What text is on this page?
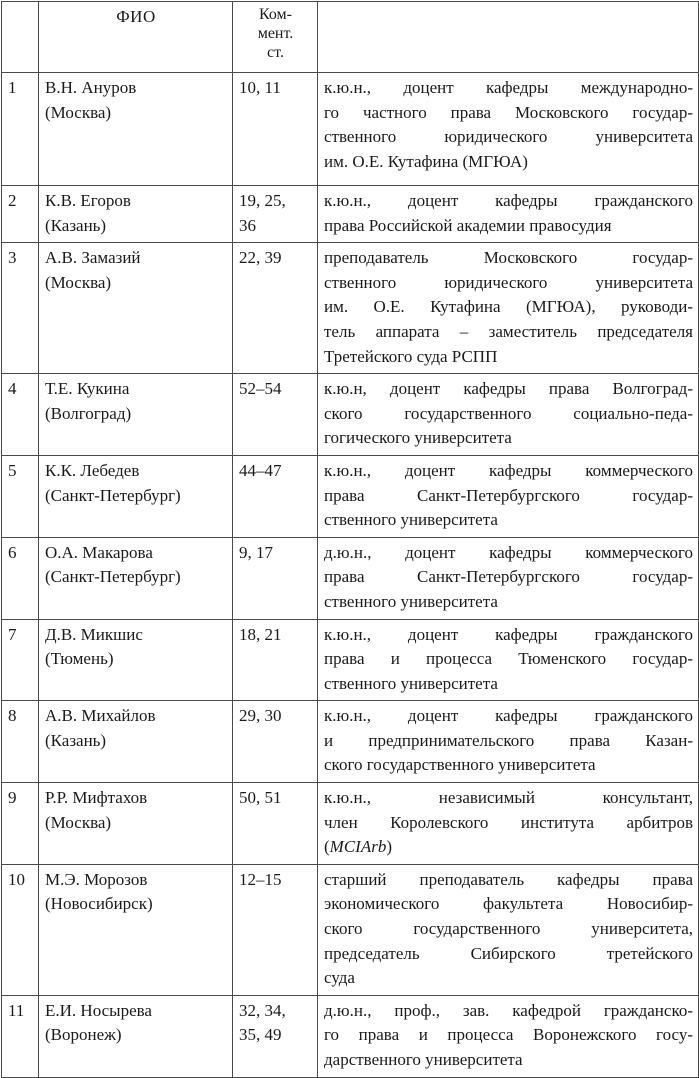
	ФИО	Ком-
мент.
ст.	

1	В.Н. Ануров
(Москва)	10, 11	к.ю.н., доцент кафедры международно-
го частного права Московского государ-
ственного юридического университета
им. О.Е. Кутафина (МГЮА)

2	К.В. Егоров
(Казань)	19, 25,
36	к.ю.н., доцент кафедры гражданского
права Российской академии правосудия

3	А.В. Замазий
(Москва)	22, 39	преподаватель Московского государ-
ственного юридического университета
им. О.Е. Кутафина (МГЮА), руководи-
тель аппарата – заместитель председателя
Третейского суда РСПП

4	Т.Е. Кукина
(Волгоград)	52–54	к.ю.н, доцент кафедры права Волгоград-
ского государственного социально-педа-
гогического университета

5	К.К. Лебедев
(Санкт-Петербург)	44–47	к.ю.н., доцент кафедры коммерческого
права Санкт-Петербургского государ-
ственного университета

6	О.А. Макарова
(Санкт-Петербург)	9, 17	д.ю.н., доцент кафедры коммерческого
права Санкт-Петербургского государ-
ственного университета

7	Д.В. Микшис
(Тюмень)	18, 21	к.ю.н., доцент кафедры гражданского
права и процесса Тюменского государ-
ственного университета

8	А.В. Михайлов
(Казань)	29, 30	к.ю.н., доцент кафедры гражданского
и предпринимательского права Казан-
ского государственного университета

9	Р.Р. Мифтахов
(Москва)	50, 51	к.ю.н., независимый консультант,
член Королевского института арбитров
(MCIArb)

10	М.Э. Морозов
(Новосибирск)	12–15	старший преподаватель кафедры права
экономического факультета Новосибир-
ского государственного университета,
председатель Сибирского третейского
суда

11	Е.И. Носырева
(Воронеж)	32, 34,
35, 49	д.ю.н., проф., зав. кафедрой гражданско-
го права и процесса Воронежского госу-
дарственного университета
